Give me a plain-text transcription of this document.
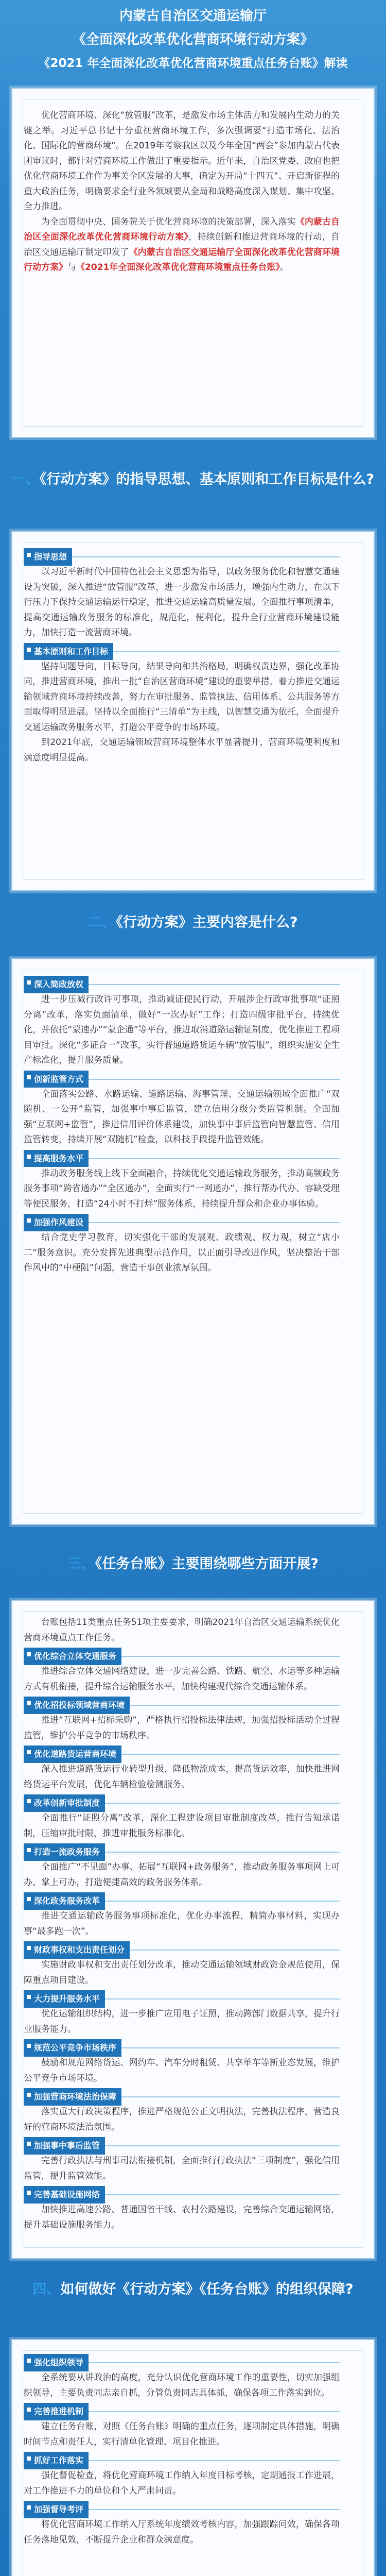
内蒙古自治区交通运输厅
《全面深化改革优化营商环境行动方案》
《2021 年全面深化改革优化营商环境重点任务台账》解读

优化营商环境、深化“放管服”改革，是激发市场主体活力和发展内生动力的关键之举。习近平总书记十分重视营商环境工作，多次强调要“打造市场化、法治化、国际化的营商环境”。在2019年考察我区以及今年全国“两会”参加内蒙古代表团审议时，都针对营商环境工作做出了重要指示。近年来，自治区党委、政府也把优化营商环境工作作为事关全区发展的大事，确定为开局“十四五”、开启新征程的重大政治任务，明确要求全行业各领域要从全局和战略高度深入谋划、集中攻坚、全力推进。

为全面贯彻中央、国务院关于优化营商环境的决策部署，深入落实《内蒙古自治区全面深化改革优化营商环境行动方案》，持续创新和推进营商环境的行动，自治区交通运输厅制定印发了《内蒙古自治区交通运输厅全面深化改革优化营商环境行动方案》与《2021年全面深化改革优化营商环境重点任务台账》。

一、《行动方案》的指导思想、基本原则和工作目标是什么?
指导思想

以习近平新时代中国特色社会主义思想为指导，以政务服务优化和智慧交通建设为突破，深入推进“放管服”改革，进一步激发市场活力，增强内生动力，在以下行压力下保持交通运输运行稳定，推进交通运输高质量发展。全面推行事项清单，提高交通运输政务服务的标准化，规范化，便利化，提升全行业营商环境建设能力，加快打造一流营商环境。

基本原则和工作目标

坚持问题导向，目标导向，结果导向和共治格局，明确权责边界，强化改革协同，推进营商环境，推出一批“自治区营商环境”建设的重要举措，着力推进交通运输领域营商环境持续改善，努力在审批服务、监管执法、信用体系、公共服务等方面取得明显进展。坚持以全面推行“三清单”为主线，以智慧交通为依托，全面提升交通运输政务服务水平，打造公平竞争的市场环境。

到2021年底，交通运输领域营商环境整体水平显著提升，营商环境便利度和满意度明显提高。

二、《行动方案》主要内容是什么?
深入简政放权

进一步压减行政许可事项，推动减证便民行动，开展涉企行政审批事项“证照分离”改革，落实负面清单，做好“一次办好”工作；打造四级审批平台，持续优化，并依托“蒙速办”“蒙企通”等平台，推进取消道路运输证制度，优化推进工程项目审批。深化“多证合一”改革，实行普通道路货运车辆“放管服”，组织实施安全生产标准化，提升服务质量。

创新监管方式

全面落实公路、水路运输、道路运输、海事管理、交通运输领域全面推广“双随机、一公开”监管，加强事中事后监管，建立信用分级分类监管机制。全面加强“互联网+监管”，推进信用评价体系建设，加快事中事后监管向智慧监管、信用监管转变，持续开展“双随机”检查，以科技手段提升监管效能。

提高服务水平

推动政务服务线上线下全面融合，持续优化交通运输政务服务，推动高频政务服务事项“跨省通办”“全区通办”，全面实行“一网通办”，推行帮办代办、容缺受理等便民服务，打造“24小时不打烊”服务体系，持续提升群众和企业办事体验。

加强作风建设

结合党史学习教育，切实强化干部的发展观、政绩观、权力观，树立“店小二”服务意识。充分发挥先进典型示范作用，以正面引导改进作风，坚决整治干部作风中的“中梗阻”问题，营造干事创业浓厚氛围。

三、《任务台账》主要围绕哪些方面开展?

台账包括11类重点任务51项主要要求，明确2021年自治区交通运输系统优化营商环境重点工作任务。

优化综合立体交通服务

推进综合立体交通网络建设，进一步完善公路、铁路、航空、水运等多种运输方式有机衔接，提升综合运输服务水平，加快构建现代综合交通运输体系。

优化招投标领域营商环境

推进“互联网+招标采购”，严格执行招投标法律法规，加强招投标活动全过程监管，维护公平竞争的市场秩序。

优化道路货运营商环境

深入推进道路货运行业转型升级，降低物流成本，提高货运效率，加快推进网络货运平台发展，优化车辆检验检测服务。

改革创新审批制度

全面推行“证照分离”改革，深化工程建设项目审批制度改革，推行告知承诺制，压缩审批时限，推进审批服务标准化。

打造一流政务服务

全面推广“不见面”办事、拓展“互联网+政务服务”，推动政务服务事项网上可办、掌上可办，打造便捷高效的政务服务体系。

深化政务服务改革

推进交通运输政务服务事项标准化，优化办事流程，精简办事材料，实现办事“最多跑一次”。

财政事权和支出责任划分

实施财政事权和支出责任划分改革，推动交通运输领域财政资金规范使用，保障重点项目建设。

大力提升服务水平

优化运输组织结构，进一步推广应用电子证照，推动跨部门数据共享，提升行业服务能力。

规范公平竞争市场秩序

鼓励和规范网络货运、网约车、汽车分时租赁、共享单车等新业态发展，维护公平竞争市场环境。

加强营商环境法治保障

落实重大行政决策程序，推进严格规范公正文明执法，完善执法程序，营造良好的营商环境法治氛围。

加强事中事后监管

完善行政执法与刑事司法衔接机制，全面推行行政执法“三项制度”，强化信用监管，提升监管效能。

完善基础设施网络

加快推进高速公路、普通国省干线、农村公路建设，完善综合交通运输网络，提升基础设施服务能力。

四、如何做好《行动方案》《任务台账》的组织保障?
强化组织领导

全系统要从讲政治的高度，充分认识优化营商环境工作的重要性，切实加强组织领导，主要负责同志亲自抓，分管负责同志具体抓，确保各项工作落实到位。

完善推进机制

建立任务台账，对照《任务台账》明确的重点任务，逐项制定具体措施，明确时间节点和责任人，实行清单化管理、项目化推进。

抓好工作落实

强化督促检查，将优化营商环境工作纳入年度目标考核，定期通报工作进展，对工作推进不力的单位和个人严肃问责。

加强督导考评

将优化营商环境工作纳入厅系统年度绩效考核内容，加强跟踪问效，确保各项任务落地见效，不断提升企业和群众满意度。
